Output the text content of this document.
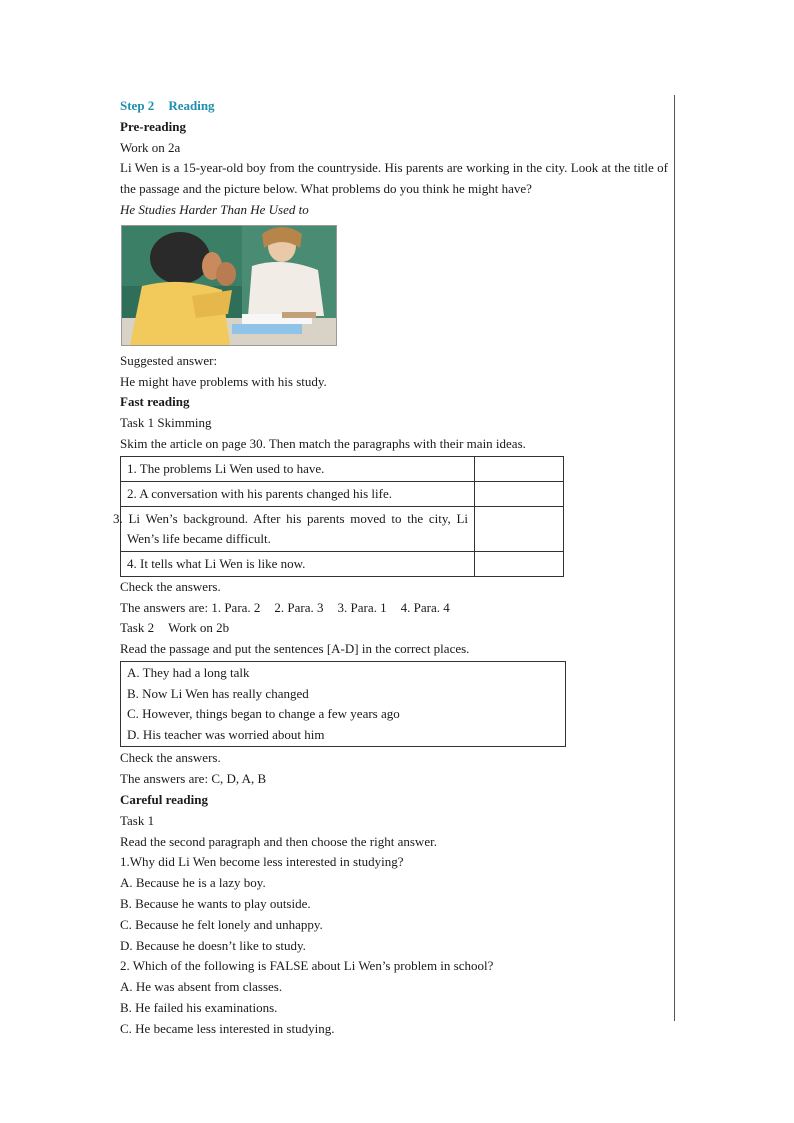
Step 2 Reading
Pre-reading
Work on 2a
Li Wen is a 15-year-old boy from the countryside. His parents are working in the city. Look at the title of the passage and the picture below. What problems do you think he might have?
He Studies Harder Than He Used to
Suggested answer:
He might have problems with his study.
Fast reading
Task 1 Skimming
Skim the article on page 30. Then match the paragraphs with their main ideas.
1. The problems Li Wen used to have.	
2. A conversation with his parents changed his life.	
3. Li Wen’s background. After his parents moved to the city, Li Wen’s life became difficult.	
4. It tells what Li Wen is like now.	
Check the answers.
The answers are: 1. Para. 2 2. Para. 3 3. Para. 1 4. Para. 4
Task 2 Work on 2b
Read the passage and put the sentences [A-D] in the correct places.
A. They had a long talk
B. Now Li Wen has really changed
C. However, things began to change a few years ago
D. His teacher was worried about him
Check the answers.
The answers are: C, D, A, B
Careful reading
Task 1
Read the second paragraph and then choose the right answer.
1.Why did Li Wen become less interested in studying?
A. Because he is a lazy boy.
B. Because he wants to play outside.
C. Because he felt lonely and unhappy.
D. Because he doesn’t like to study.
2. Which of the following is FALSE about Li Wen’s problem in school?
A. He was absent from classes.
B. He failed his examinations.
C. He became less interested in studying.
